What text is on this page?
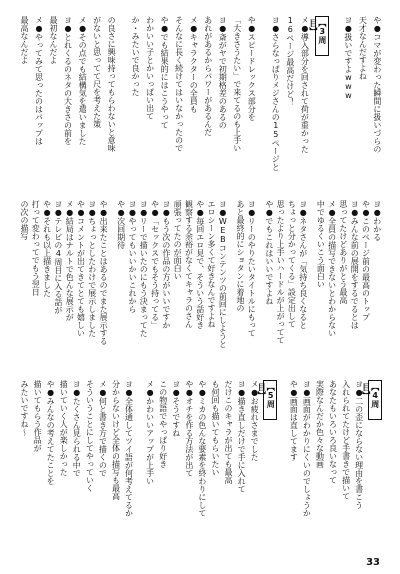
や●コマが変わった瞬間に扱いづらの
天才なんだすよね
ヨ●扱いですよwww
【3周目】
メ●導入部分を回されて荷が重かった
16ページ最高だけど！
ヨ●さらなっぱりメジさんの15ページと
や●スピードレックス部分を
「大きさうたい」で来てるのも上手い
ヨ●斎がヤで初期格差のあるの
あれがあるからパワーがあるんだ
メ●キャラクターの全員も
そんなに長く続けてはいなかったので
や●でも結果的にはこうやって
わかいい子とかいっぱい出て
か・みたいで良かった
の良さに興味持ってもらわないと意味
がないと思ってて尺を考えた策
メ●その点でも結構気を遣いました
ヨ●とれくるのネタの大きさの前を
最初なんだよ
メ●やってみて思ったのはパップは
最高なんだよ
ヨ●わかる
や●このページ前の最高のトップ
ヨ●みんな前の展開をするでるとは
思ってたけどありがとう最高
メ●全員の描写できないとわからない
中でゆるくいこう面白い
ヨ●ネタさんが「気持ち良くなると
ちょっと分かってくる」設定出して
思ったより上手いハードルが上がってて
や●でもこれはいいですよね
ヨ●リーのやりたいタイトルにもって
あと最終的にショタンに着地の
ヨ●WEBコンテンツの前回にしようと
エロシーン多くて好きなんですよね
や●毎回エロ見で、そういう話好き
観察する余裕がなくてキャラのさん
頑張ってたのが面白い
ヨ●もう次の作品の方がいいですか
や●「セックスでもそう持ってる」
ヨ●リーで描いたのにもう決まってた
ヨ●やってもいいかいこれから
や●次回期待
や●出来たことはあるのでまた展示する
ヨ●ちょっとしたわけで展示しました
や●コメントが出てきてとても嬉しい
メ●結局はナルトで色んな展示が
ヨ●テレビの4周目に入る話が
や●それも以上描きました
打って変わってでもう翌日
の次の描写
【4周目】
ヨ●二の歪にならない理由を書こう
入れられてたけど手書きで描いて
あなたもいろいろ良いなって
実際なんだか色々な動画
ヨ●画面がわかりにくいのでしょうか
や●画面は直してます
【5周目】
メ●お疲れさまでした
ヨ●描き直しだけで手に入れて
だけこのキャラが出ても最高
も何回も描いてもらいたい
や●ミカの色んな要素を終わりにして
や●オチを作る方法が出て
ヨ●そうですね
この物語でやっぱり好き
メ●かわいいアップが上手い
ヨ●全体通してツイ語が何考えてるか
分からないけど全体の描写も最高
メ●何と書き方で描くので
そういうことにしてやっていく
ヨ●たくさん見られる中で
描いていく人が楽しかった
や●みんなの考えてたことを
描いてもらう作品が
みたいですね〜
33
